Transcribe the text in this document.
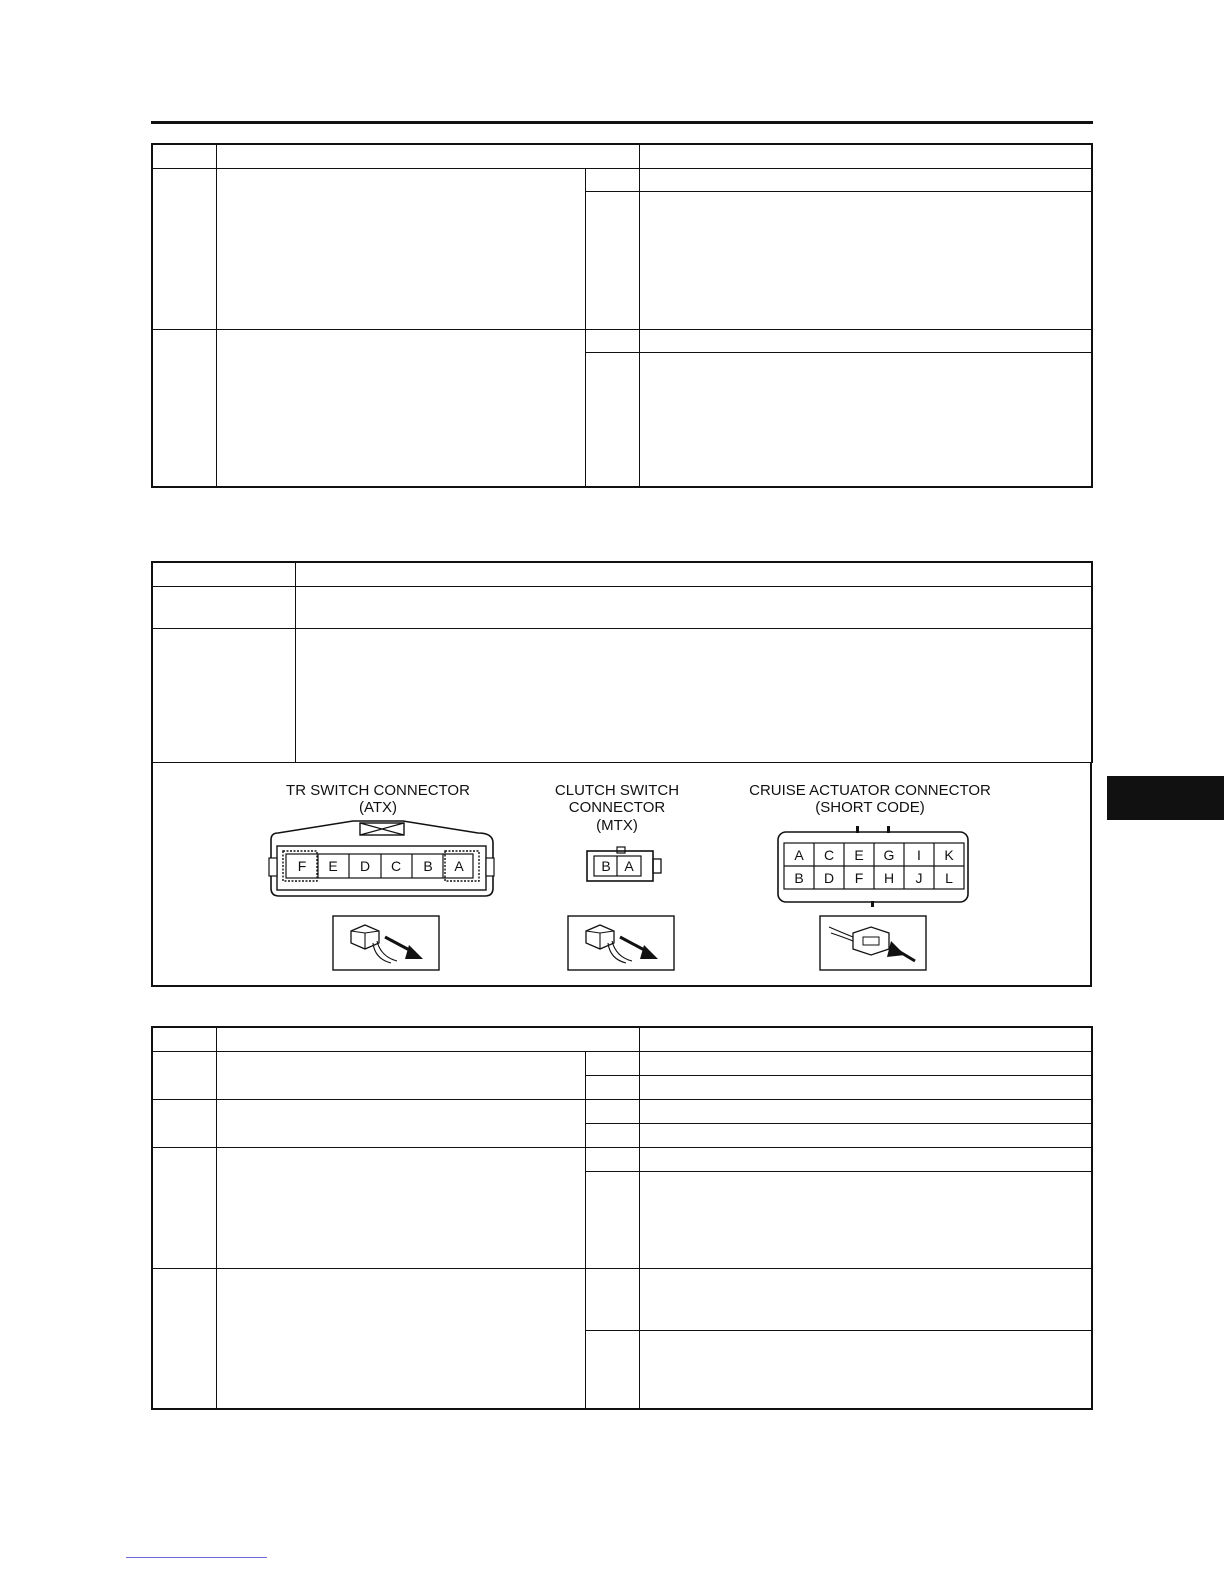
TR SWITCH CONNECTOR
(ATX)
F E D C B A
CLUTCH SWITCH
CONNECTOR
(MTX)
B A
CRUISE ACTUATOR CONNECTOR
(SHORT CODE)
A C E G I K
B D F H J L
